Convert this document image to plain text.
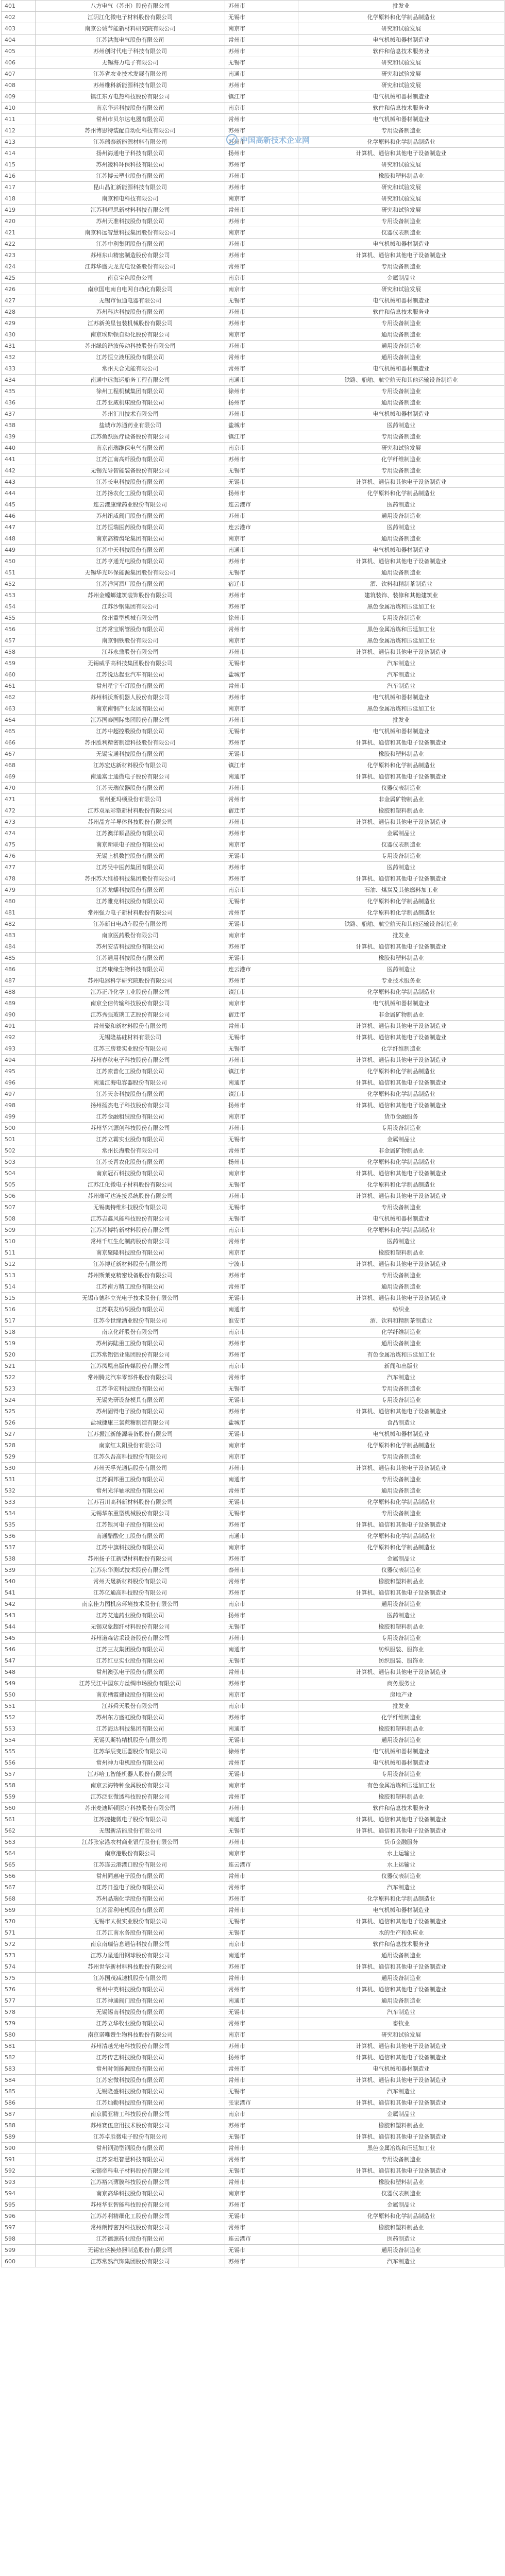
401	八方电气（苏州）股份有限公司	苏州市	批发业
402	江阴江化微电子材料股份有限公司	无锡市	化学原料和化学制品制造业
403	南京公诚节能新材料研究院有限公司	南京市	研究和试验发展
404	江苏洪海电气股份有限公司	常州市	电气机械和器材制造业
405	苏州创时代电子科技有限公司	苏州市	软件和信息技术服务业
406	无锡海力电子有限公司	无锡市	研究和试验发展
407	江苏省农业技术发展有限公司	南通市	研究和试验发展
408	苏州维科新能源科技有限公司	苏州市	研究和试验发展
409	镇江东方电热科技股份有限公司	镇江市	电气机械和器材制造业
410	南京华远科技股份有限公司	南京市	软件和信息技术服务业
411	常州市贝尔达电器有限公司	常州市	电气机械和器材制造业
412	苏州博思特装配自动化科技有限公司	苏州市	专用设备制造业
413	江苏瑞泰新能源材料有限公司	苏州市	化学原料和化学制品制造业
414	扬州海通电子科技有限公司	扬州市	计算机、通信和其他电子设备制造业
415	苏州凌科环保科技有限公司	苏州市	研究和试验发展
416	江苏博云塑业股份有限公司	苏州市	橡胶和塑料制品业
417	昆山晶汇新能源科技有限公司	苏州市	研究和试验发展
418	南京和电科技有限公司	南京市	研究和试验发展
419	江苏科理思新材料科技有限公司	常州市	研究和试验发展
420	苏州天准科技股份有限公司	苏州市	专用设备制造业
421	南京科远智慧科技集团股份有限公司	南京市	仪器仪表制造业
422	江苏中利集团股份有限公司	苏州市	电气机械和器材制造业
423	苏州东山精密制造股份有限公司	苏州市	计算机、通信和其他电子设备制造业
424	江苏华盛天龙光电设备股份有限公司	常州市	专用设备制造业
425	南京宝色股份公司	南京市	金属制品业
426	南京国电南自电网自动化有限公司	南京市	研究和试验发展
427	无锡市恒通电器有限公司	无锡市	电气机械和器材制造业
428	苏州科达科技股份有限公司	苏州市	软件和信息技术服务业
429	江苏新美星包装机械股份有限公司	苏州市	专用设备制造业
430	南京埃斯顿自动化股份有限公司	南京市	通用设备制造业
431	苏州绿的谐波传动科技股份有限公司	苏州市	通用设备制造业
432	江苏恒立液压股份有限公司	常州市	通用设备制造业
433	常州天合光能有限公司	常州市	电气机械和器材制造业
434	南通中远海运船务工程有限公司	南通市	铁路、船舶、航空航天和其他运输设备制造业
435	徐州工程机械集团有限公司	徐州市	专用设备制造业
436	江苏亚威机床股份有限公司	扬州市	通用设备制造业
437	苏州汇川技术有限公司	苏州市	电气机械和器材制造业
438	盐城市苏通药业有限公司	盐城市	医药制造业
439	江苏鱼跃医疗设备股份有限公司	镇江市	专用设备制造业
440	南京南瑞继保电气有限公司	南京市	研究和试验发展
441	江苏江南高纤股份有限公司	苏州市	化学纤维制造业
442	无锡先导智能装备股份有限公司	无锡市	专用设备制造业
443	江苏长电科技股份有限公司	无锡市	计算机、通信和其他电子设备制造业
444	江苏扬农化工股份有限公司	扬州市	化学原料和化学制品制造业
445	连云港康缘药业股份有限公司	连云港市	医药制造业
446	苏州纽威阀门股份有限公司	苏州市	通用设备制造业
447	江苏恒瑞医药股份有限公司	连云港市	医药制造业
448	南京高精齿轮集团有限公司	南京市	通用设备制造业
449	江苏中天科技股份有限公司	南通市	电气机械和器材制造业
450	江苏亨通光电股份有限公司	苏州市	计算机、通信和其他电子设备制造业
451	无锡华光环保能源集团股份有限公司	无锡市	通用设备制造业
452	江苏洋河酒厂股份有限公司	宿迁市	酒、饮料和精制茶制造业
453	苏州金螳螂建筑装饰股份有限公司	苏州市	建筑装饰、装修和其他建筑业
454	江苏沙钢集团有限公司	苏州市	黑色金属冶炼和压延加工业
455	徐州重型机械有限公司	徐州市	专用设备制造业
456	江苏常宝钢管股份有限公司	常州市	黑色金属冶炼和压延加工业
457	南京钢铁股份有限公司	南京市	黑色金属冶炼和压延加工业
458	江苏永鼎股份有限公司	苏州市	计算机、通信和其他电子设备制造业
459	无锡威孚高科技集团股份有限公司	无锡市	汽车制造业
460	江苏悦达起亚汽车有限公司	盐城市	汽车制造业
461	常州星宇车灯股份有限公司	常州市	汽车制造业
462	苏州科沃斯机器人股份有限公司	苏州市	电气机械和器材制造业
463	南京南钢产业发展有限公司	南京市	黑色金属冶炼和压延加工业
464	江苏国泰国际集团股份有限公司	苏州市	批发业
465	江苏中超控股股份有限公司	无锡市	电气机械和器材制造业
466	苏州胜利精密制造科技股份有限公司	苏州市	计算机、通信和其他电子设备制造业
467	无锡宝通科技股份有限公司	无锡市	橡胶和塑料制品业
468	江苏宏达新材料股份有限公司	镇江市	化学原料和化学制品制造业
469	南通富士通微电子股份有限公司	南通市	计算机、通信和其他电子设备制造业
470	江苏天瑞仪器股份有限公司	苏州市	仪器仪表制造业
471	常州亚玛顿股份有限公司	常州市	非金属矿物制品业
472	江苏双星彩塑新材料股份有限公司	宿迁市	橡胶和塑料制品业
473	苏州晶方半导体科技股份有限公司	苏州市	计算机、通信和其他电子设备制造业
474	江苏澳洋顺昌股份有限公司	苏州市	金属制品业
475	南京新联电子股份有限公司	南京市	仪器仪表制造业
476	无锡上机数控股份有限公司	无锡市	专用设备制造业
477	江苏吴中医药集团有限公司	苏州市	医药制造业
478	苏州苏大维格科技集团股份有限公司	苏州市	计算机、通信和其他电子设备制造业
479	江苏龙蟠科技股份有限公司	南京市	石油、煤炭及其他燃料加工业
480	江苏雅克科技股份有限公司	无锡市	化学原料和化学制品制造业
481	常州强力电子新材料股份有限公司	常州市	化学原料和化学制品制造业
482	江苏新日电动车股份有限公司	无锡市	铁路、船舶、航空航天和其他运输设备制造业
483	南京医药股份有限公司	南京市	批发业
484	苏州安洁科技股份有限公司	苏州市	计算机、通信和其他电子设备制造业
485	江苏通用科技股份有限公司	无锡市	橡胶和塑料制品业
486	江苏康缘生物科技有限公司	连云港市	医药制造业
487	苏州电器科学研究院股份有限公司	苏州市	专业技术服务业
488	江苏正丹化学工业股份有限公司	镇江市	化学原料和化学制品制造业
489	南京全信传输科技股份有限公司	南京市	电气机械和器材制造业
490	江苏秀强玻璃工艺股份有限公司	宿迁市	非金属矿物制品业
491	常州聚和新材料股份有限公司	常州市	计算机、通信和其他电子设备制造业
492	无锡隆基硅材料有限公司	无锡市	计算机、通信和其他电子设备制造业
493	江苏三房巷实业股份有限公司	无锡市	化学纤维制造业
494	苏州春秋电子科技股份有限公司	苏州市	计算机、通信和其他电子设备制造业
495	江苏索普化工股份有限公司	镇江市	化学原料和化学制品制造业
496	南通江海电容器股份有限公司	南通市	计算机、通信和其他电子设备制造业
497	江苏天奈科技股份有限公司	镇江市	化学原料和化学制品制造业
498	扬州扬杰电子科技股份有限公司	扬州市	计算机、通信和其他电子设备制造业
499	江苏金融租赁股份有限公司	南京市	货币金融服务
500	苏州华兴源创科技股份有限公司	苏州市	专用设备制造业
501	江苏立霸实业股份有限公司	无锡市	金属制品业
502	常州长海股份有限公司	常州市	非金属矿物制品业
503	江苏长青农化股份有限公司	扬州市	化学原料和化学制品制造业
504	南京冠石科技股份有限公司	南京市	计算机、通信和其他电子设备制造业
505	江苏江化微电子材料股份有限公司	无锡市	化学原料和化学制品制造业
506	苏州瑞可达连接系统股份有限公司	苏州市	计算机、通信和其他电子设备制造业
507	无锡奥特维科技股份有限公司	无锡市	专用设备制造业
508	江苏吉鑫风能科技股份有限公司	无锡市	电气机械和器材制造业
509	江苏苏博特新材料股份有限公司	南京市	化学原料和化学制品制造业
510	常州千红生化制药股份有限公司	常州市	医药制造业
511	南京聚隆科技股份有限公司	南京市	橡胶和塑料制品业
512	江苏博迁新材料股份有限公司	宁波市	计算机、通信和其他电子设备制造业
513	苏州斯莱克精密设备股份有限公司	苏州市	专用设备制造业
514	江苏南方精工股份有限公司	常州市	通用设备制造业
515	无锡市德科立光电子技术股份有限公司	无锡市	计算机、通信和其他电子设备制造业
516	江苏联发纺织股份有限公司	南通市	纺织业
517	江苏今世缘酒业股份有限公司	淮安市	酒、饮料和精制茶制造业
518	南京化纤股份有限公司	南京市	化学纤维制造业
519	苏州海陆重工股份有限公司	苏州市	通用设备制造业
520	江苏常铝铝业集团股份有限公司	苏州市	有色金属冶炼和压延加工业
521	江苏凤凰出版传媒股份有限公司	南京市	新闻和出版业
522	常州腾龙汽车零部件股份有限公司	常州市	汽车制造业
523	江苏华宏科技股份有限公司	无锡市	专用设备制造业
524	无锡先研设备模具有限公司	无锡市	专用设备制造业
525	苏州固锝电子股份有限公司	苏州市	计算机、通信和其他电子设备制造业
526	盐城捷康三氯蔗糖制造有限公司	盐城市	食品制造业
527	江苏振江新能源装备股份有限公司	无锡市	电气机械和器材制造业
528	南京红太阳股份有限公司	南京市	化学原料和化学制品制造业
529	江苏久吾高科技股份有限公司	南京市	专用设备制造业
530	苏州天孚光通信股份有限公司	苏州市	计算机、通信和其他电子设备制造业
531	江苏润邦重工股份有限公司	南通市	专用设备制造业
532	常州光洋轴承股份有限公司	常州市	通用设备制造业
533	江苏百川高科新材料股份有限公司	无锡市	化学原料和化学制品制造业
534	无锡华东重型机械股份有限公司	无锡市	专用设备制造业
535	江苏银河电子股份有限公司	苏州市	计算机、通信和其他电子设备制造业
536	南通醋酸化工股份有限公司	南通市	化学原料和化学制品制造业
537	江苏中旗科技股份有限公司	南京市	化学原料和化学制品制造业
538	苏州扬子江新型材料股份有限公司	苏州市	金属制品业
539	江苏东华测试技术股份有限公司	泰州市	仪器仪表制造业
540	常州天晟新材料股份有限公司	常州市	橡胶和塑料制品业
541	江苏亿通高科技股份有限公司	苏州市	计算机、通信和其他电子设备制造业
542	南京佳力图机房环境技术股份有限公司	南京市	通用设备制造业
543	江苏艾迪药业股份有限公司	扬州市	医药制造业
544	无锡双象超纤材料股份有限公司	无锡市	橡胶和塑料制品业
545	苏州道森钻采设备股份有限公司	苏州市	专用设备制造业
546	江苏三友集团股份有限公司	南通市	纺织服装、服饰业
547	江苏红豆实业股份有限公司	无锡市	纺织服装、服饰业
548	常州澳弘电子股份有限公司	常州市	计算机、通信和其他电子设备制造业
549	江苏吴江中国东方丝绸市场股份有限公司	苏州市	商务服务业
550	南京栖霞建设股份有限公司	南京市	房地产业
551	江苏舜天股份有限公司	南京市	批发业
552	苏州东方盛虹股份有限公司	苏州市	化学纤维制造业
553	江苏海达科技集团有限公司	南通市	橡胶和塑料制品业
554	无锡贝斯特精机股份有限公司	无锡市	通用设备制造业
555	江苏华辰变压器股份有限公司	徐州市	电气机械和器材制造业
556	常州神力电机股份有限公司	常州市	电气机械和器材制造业
557	江苏哈工智能机器人股份有限公司	无锡市	专用设备制造业
558	南京云海特种金属股份有限公司	南京市	有色金属冶炼和压延加工业
559	江苏泛亚微透科技股份有限公司	常州市	橡胶和塑料制品业
560	苏州麦迪斯顿医疗科技股份有限公司	苏州市	软件和信息技术服务业
561	江苏捷捷微电子股份有限公司	南通市	计算机、通信和其他电子设备制造业
562	无锡新洁能股份有限公司	无锡市	计算机、通信和其他电子设备制造业
563	江苏张家港农村商业银行股份有限公司	苏州市	货币金融服务
564	南京港股份有限公司	南京市	水上运输业
565	江苏连云港港口股份有限公司	连云港市	水上运输业
566	常州同惠电子股份有限公司	常州市	仪器仪表制造业
567	江苏日盈电子股份有限公司	常州市	汽车制造业
568	苏州晶瑞化学股份有限公司	苏州市	化学原料和化学制品制造业
569	江苏雷利电机股份有限公司	常州市	电气机械和器材制造业
570	无锡市太极实业股份有限公司	无锡市	计算机、通信和其他电子设备制造业
571	江苏江南水务股份有限公司	无锡市	水的生产和供应业
572	南京南瑞信息通信科技有限公司	南京市	软件和信息技术服务业
573	江苏力星通用钢球股份有限公司	南通市	通用设备制造业
574	苏州世华新材料科技股份有限公司	苏州市	计算机、通信和其他电子设备制造业
575	江苏国茂减速机股份有限公司	常州市	通用设备制造业
576	常州中英科技股份有限公司	常州市	计算机、通信和其他电子设备制造业
577	江苏神通阀门股份有限公司	南通市	通用设备制造业
578	无锡锡南科技股份有限公司	无锡市	汽车制造业
579	江苏立华牧业股份有限公司	常州市	畜牧业
580	南京诺唯赞生物科技股份有限公司	南京市	研究和试验发展
581	苏州清越光电科技股份有限公司	苏州市	计算机、通信和其他电子设备制造业
582	江苏传艺科技股份有限公司	扬州市	计算机、通信和其他电子设备制造业
583	常州时创能源股份有限公司	常州市	电气机械和器材制造业
584	江苏宏微科技股份有限公司	常州市	计算机、通信和其他电子设备制造业
585	无锡隆盛科技股份有限公司	无锡市	汽车制造业
586	江苏灿勤科技股份有限公司	张家港市	计算机、通信和其他电子设备制造业
587	南京腾亚精工科技股份有限公司	南京市	金属制品业
588	苏州赛伍应用技术股份有限公司	苏州市	橡胶和塑料制品业
589	江苏卓胜微电子股份有限公司	无锡市	计算机、通信和其他电子设备制造业
590	常州钢劲型钢股份有限公司	常州市	黑色金属冶炼和压延加工业
591	江苏泰坦智慧科技有限公司	常州市	专用设备制造业
592	无锡帝科电子材料股份有限公司	无锡市	计算机、通信和其他电子设备制造业
593	江苏裕兴薄膜科技股份有限公司	常州市	橡胶和塑料制品业
594	南京高华科技股份有限公司	南京市	仪器仪表制造业
595	苏州华亚智能科技股份有限公司	苏州市	金属制品业
596	江苏苏利精细化工股份有限公司	无锡市	化学原料和化学制品制造业
597	常州朗博密封科技股份有限公司	常州市	橡胶和塑料制品业
598	江苏德源药业股份有限公司	连云港市	医药制造业
599	无锡宏盛换热器制造股份有限公司	无锡市	通用设备制造业
600	江苏常熟汽饰集团股份有限公司	苏州市	汽车制造业
中国高新技术企业网
